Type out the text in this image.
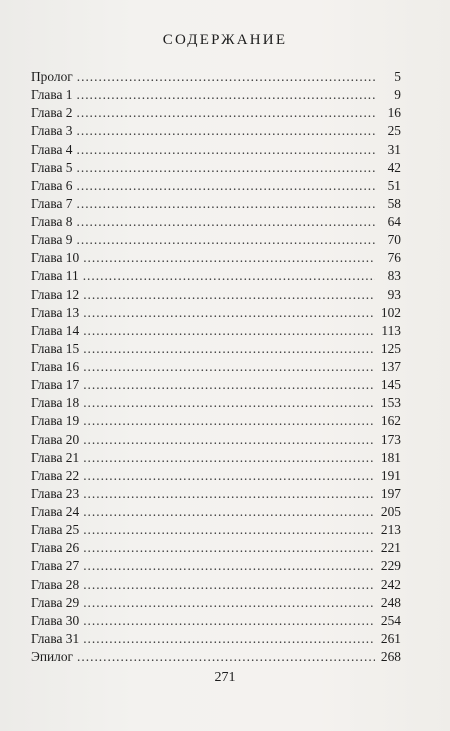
СОДЕРЖАНИЕ
Пролог .....	5
Глава 1 .....	9
Глава 2 .....	16
Глава 3 .....	25
Глава 4 .....	31
Глава 5 .....	42
Глава 6 .....	51
Глава 7 .....	58
Глава 8 .....	64
Глава 9 .....	70
Глава 10 .....	76
Глава 11 .....	83
Глава 12 .....	93
Глава 13 .....	102
Глава 14 .....	113
Глава 15 .....	125
Глава 16 .....	137
Глава 17 .....	145
Глава 18 .....	153
Глава 19 .....	162
Глава 20 .....	173
Глава 21 .....	181
Глава 22 .....	191
Глава 23 .....	197
Глава 24 .....	205
Глава 25 .....	213
Глава 26 .....	221
Глава 27 .....	229
Глава 28 .....	242
Глава 29 .....	248
Глава 30 .....	254
Глава 31 .....	261
Эпилог .....	268
271
